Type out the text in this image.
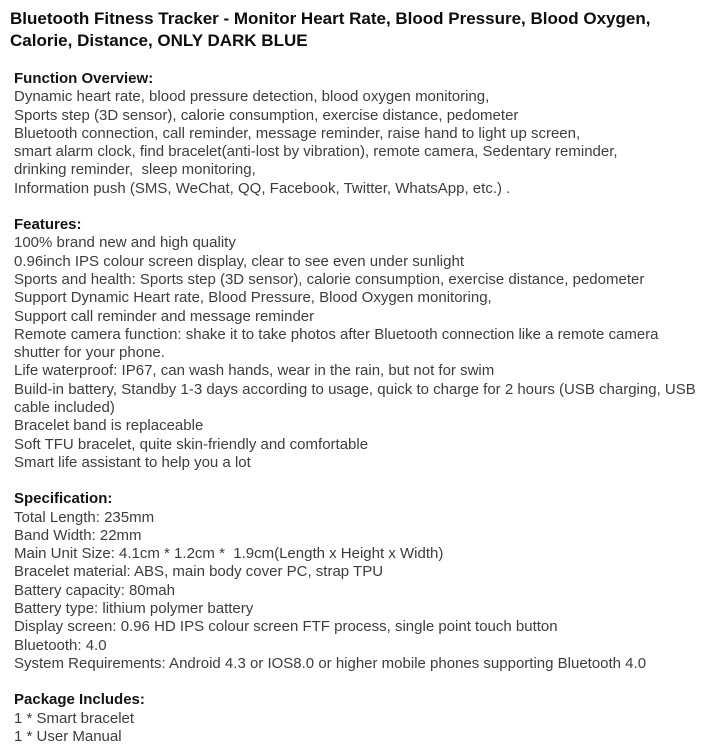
Bluetooth Fitness Tracker - Monitor Heart Rate, Blood Pressure, Blood Oxygen, Calorie, Distance, ONLY DARK BLUE
Function Overview:

Dynamic heart rate, blood pressure detection, blood oxygen monitoring,

Sports step (3D sensor), calorie consumption, exercise distance, pedometer

Bluetooth connection, call reminder, message reminder, raise hand to light up screen,

smart alarm clock, find bracelet(anti-lost by vibration), remote camera, Sedentary reminder,

drinking reminder,  sleep monitoring,

Information push (SMS, WeChat, QQ, Facebook, Twitter, WhatsApp, etc.) .

Features:

100% brand new and high quality

0.96inch IPS colour screen display, clear to see even under sunlight

Sports and health: Sports step (3D sensor), calorie consumption, exercise distance, pedometer

Support Dynamic Heart rate, Blood Pressure, Blood Oxygen monitoring,

Support call reminder and message reminder

Remote camera function: shake it to take photos after Bluetooth connection like a remote camera shutter for your phone.

Life waterproof: IP67, can wash hands, wear in the rain, but not for swim

Build-in battery, Standby 1-3 days according to usage, quick to charge for 2 hours (USB charging, USB cable included)

Bracelet band is replaceable

Soft TFU bracelet, quite skin-friendly and comfortable

Smart life assistant to help you a lot

Specification:

Total Length: 235mm

Band Width: 22mm

Main Unit Size: 4.1cm * 1.2cm *  1.9cm(Length x Height x Width)

Bracelet material: ABS, main body cover PC, strap TPU

Battery capacity: 80mah

Battery type: lithium polymer battery

Display screen: 0.96 HD IPS colour screen FTF process, single point touch button

Bluetooth: 4.0

System Requirements: Android 4.3 or IOS8.0 or higher mobile phones supporting Bluetooth 4.0

Package Includes:

1 * Smart bracelet

1 * User Manual
